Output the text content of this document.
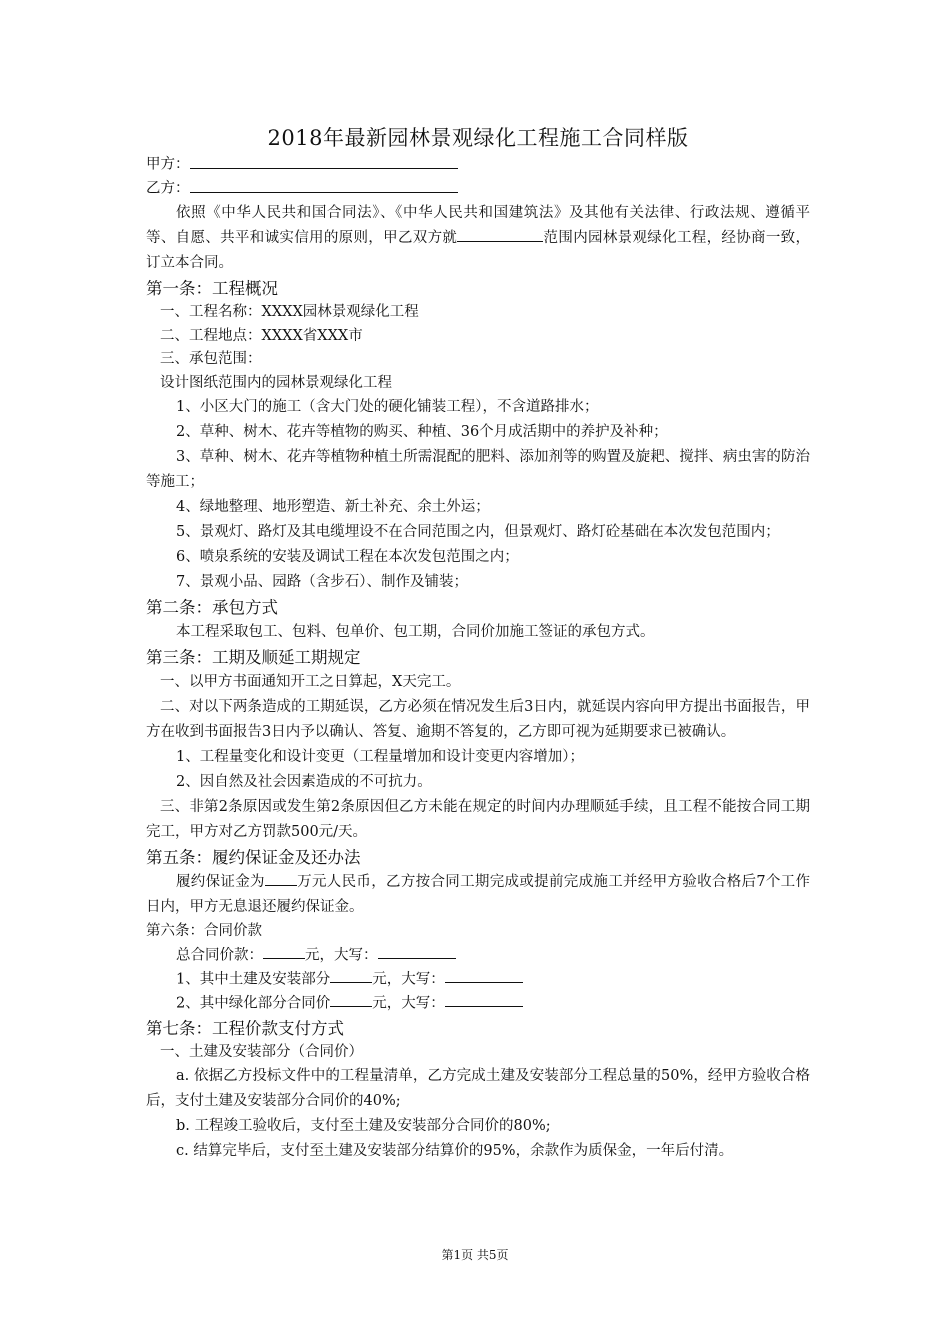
2018年最新园林景观绿化工程施工合同样版
甲方：
乙方：
依照《中华人民共和国合同法》、《中华人民共和国建筑法》及其他有关法律、行政法规、遵循平等、自愿、共平和诚实信用的原则，甲乙双方就	范围内园林景观绿化工程，经协商一致，订立本合同。
第一条：工程概况
一、工程名称：XXXX园林景观绿化工程
二、工程地点：XXXX省XXX市
三、承包范围：
设计图纸范围内的园林景观绿化工程
1、小区大门的施工（含大门处的硬化铺装工程），不含道路排水；
2、草种、树木、花卉等植物的购买、种植、36个月成活期中的养护及补种；
3、草种、树木、花卉等植物种植土所需混配的肥料、添加剂等的购置及旋耙、搅拌、病虫害的防治等施工；
4、绿地整理、地形塑造、新土补充、余土外运；
5、景观灯、路灯及其电缆埋设不在合同范围之内，但景观灯、路灯砼基础在本次发包范围内；
6、喷泉系统的安装及调试工程在本次发包范围之内；
7、景观小品、园路（含步石）、制作及铺装；
第二条：承包方式
本工程采取包工、包料、包单价、包工期，合同价加施工签证的承包方式。
第三条：工期及顺延工期规定
一、以甲方书面通知开工之日算起，X天完工。
二、对以下两条造成的工期延误，乙方必须在情况发生后3日内，就延误内容向甲方提出书面报告，甲方在收到书面报告3日内予以确认、答复、逾期不答复的，乙方即可视为延期要求已被确认。
1、工程量变化和设计变更（工程量增加和设计变更内容增加）；
2、因自然及社会因素造成的不可抗力。
三、非第2条原因或发生第2条原因但乙方未能在规定的时间内办理顺延手续，且工程不能按合同工期完工，甲方对乙方罚款500元/天。
第五条：履约保证金及还办法
履约保证金为 万元人民币，乙方按合同工期完成或提前完成施工并经甲方验收合格后7个工作日内，甲方无息退还履约保证金。
第六条：合同价款
总合同价款：	元，大写：
1、其中土建及安装部分	元，大写：
2、其中绿化部分合同价	元，大写：
第七条：工程价款支付方式
一、土建及安装部分（合同价）
a. 依据乙方投标文件中的工程量清单，乙方完成土建及安装部分工程总量的50%，经甲方验收合格后，支付土建及安装部分合同价的40%;
b. 工程竣工验收后，支付至土建及安装部分合同价的80%;
c. 结算完毕后，支付至土建及安装部分结算价的95%，余款作为质保金，一年后付清。
第1页 共5页
